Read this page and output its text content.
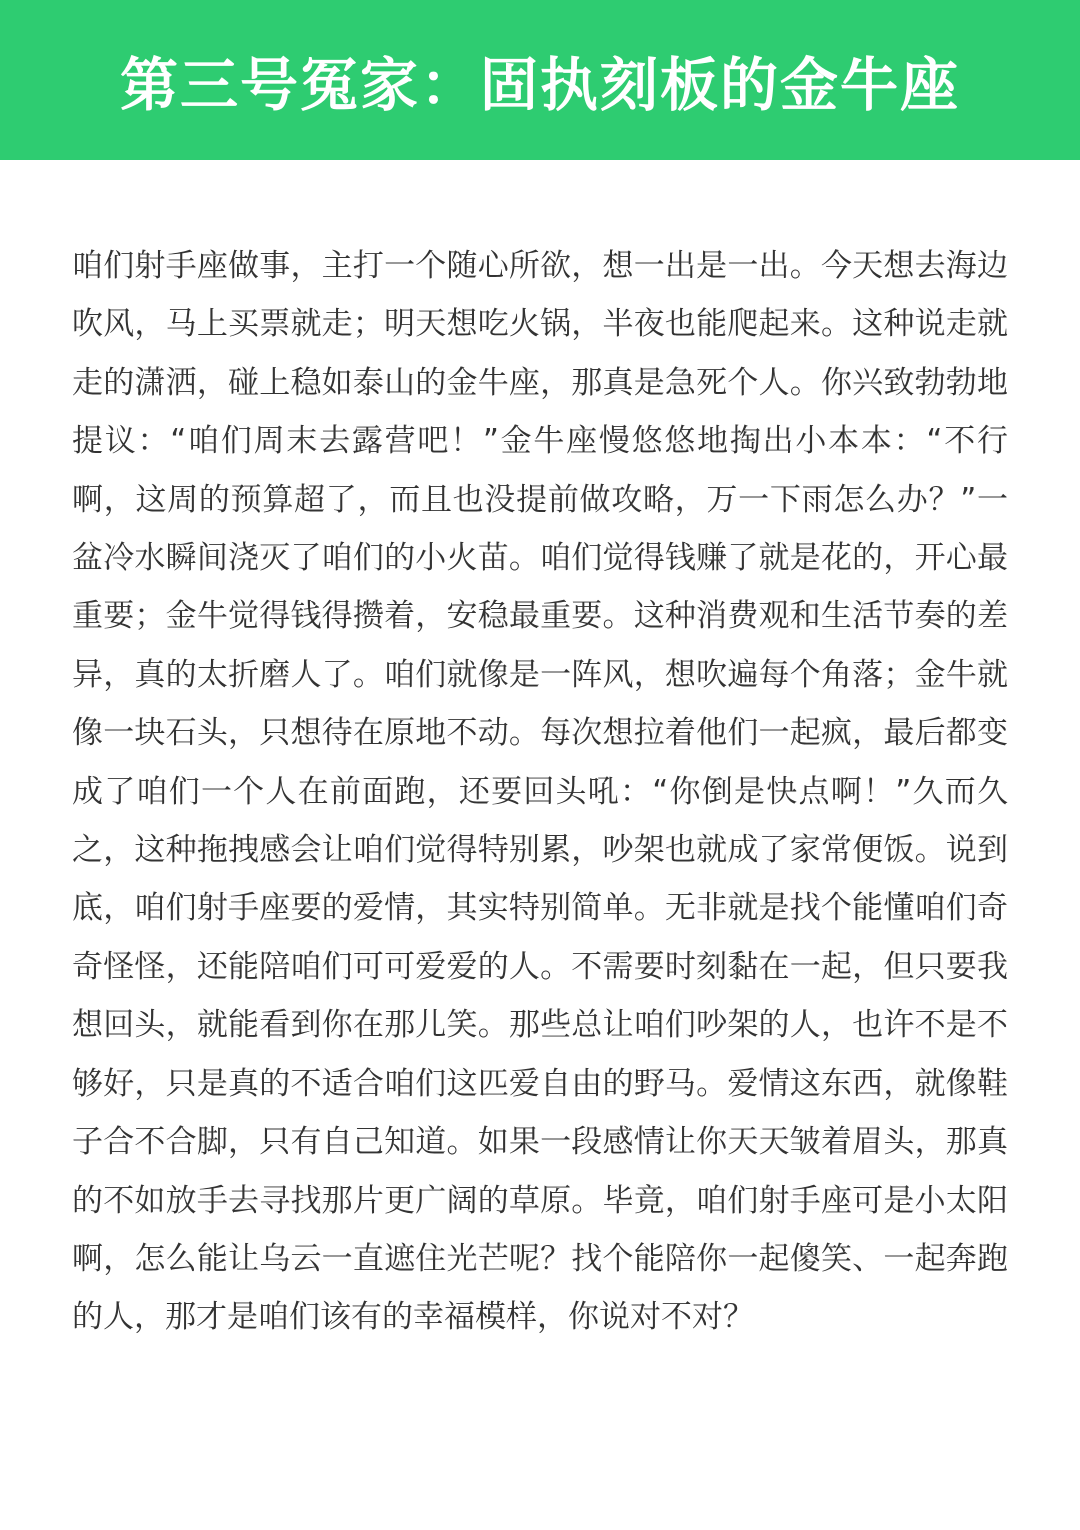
第三号冤家：固执刻板的金牛座

咱们射手座做事，主打一个随心所欲，想一出是一出。今天想去海边吹风，马上买票就走；明天想吃火锅，半夜也能爬起来。这种说走就走的潇洒，碰上稳如泰山的金牛座，那真是急死个人。你兴致勃勃地提议：“咱们周末去露营吧！”金牛座慢悠悠地掏出小本本：“不行啊，这周的预算超了，而且也没提前做攻略，万一下雨怎么办？”一盆冷水瞬间浇灭了咱们的小火苗。咱们觉得钱赚了就是花的，开心最重要；金牛觉得钱得攒着，安稳最重要。这种消费观和生活节奏的差异，真的太折磨人了。咱们就像是一阵风，想吹遍每个角落；金牛就像一块石头，只想待在原地不动。每次想拉着他们一起疯，最后都变成了咱们一个人在前面跑，还要回头吼：“你倒是快点啊！”久而久之，这种拖拽感会让咱们觉得特别累，吵架也就成了家常便饭。说到底，咱们射手座要的爱情，其实特别简单。无非就是找个能懂咱们奇奇怪怪，还能陪咱们可可爱爱的人。不需要时刻黏在一起，但只要我想回头，就能看到你在那儿笑。那些总让咱们吵架的人，也许不是不够好，只是真的不适合咱们这匹爱自由的野马。爱情这东西，就像鞋子合不合脚，只有自己知道。如果一段感情让你天天皱着眉头，那真的不如放手去寻找那片更广阔的草原。毕竟，咱们射手座可是小太阳啊，怎么能让乌云一直遮住光芒呢？找个能陪你一起傻笑、一起奔跑的人，那才是咱们该有的幸福模样，你说对不对？
